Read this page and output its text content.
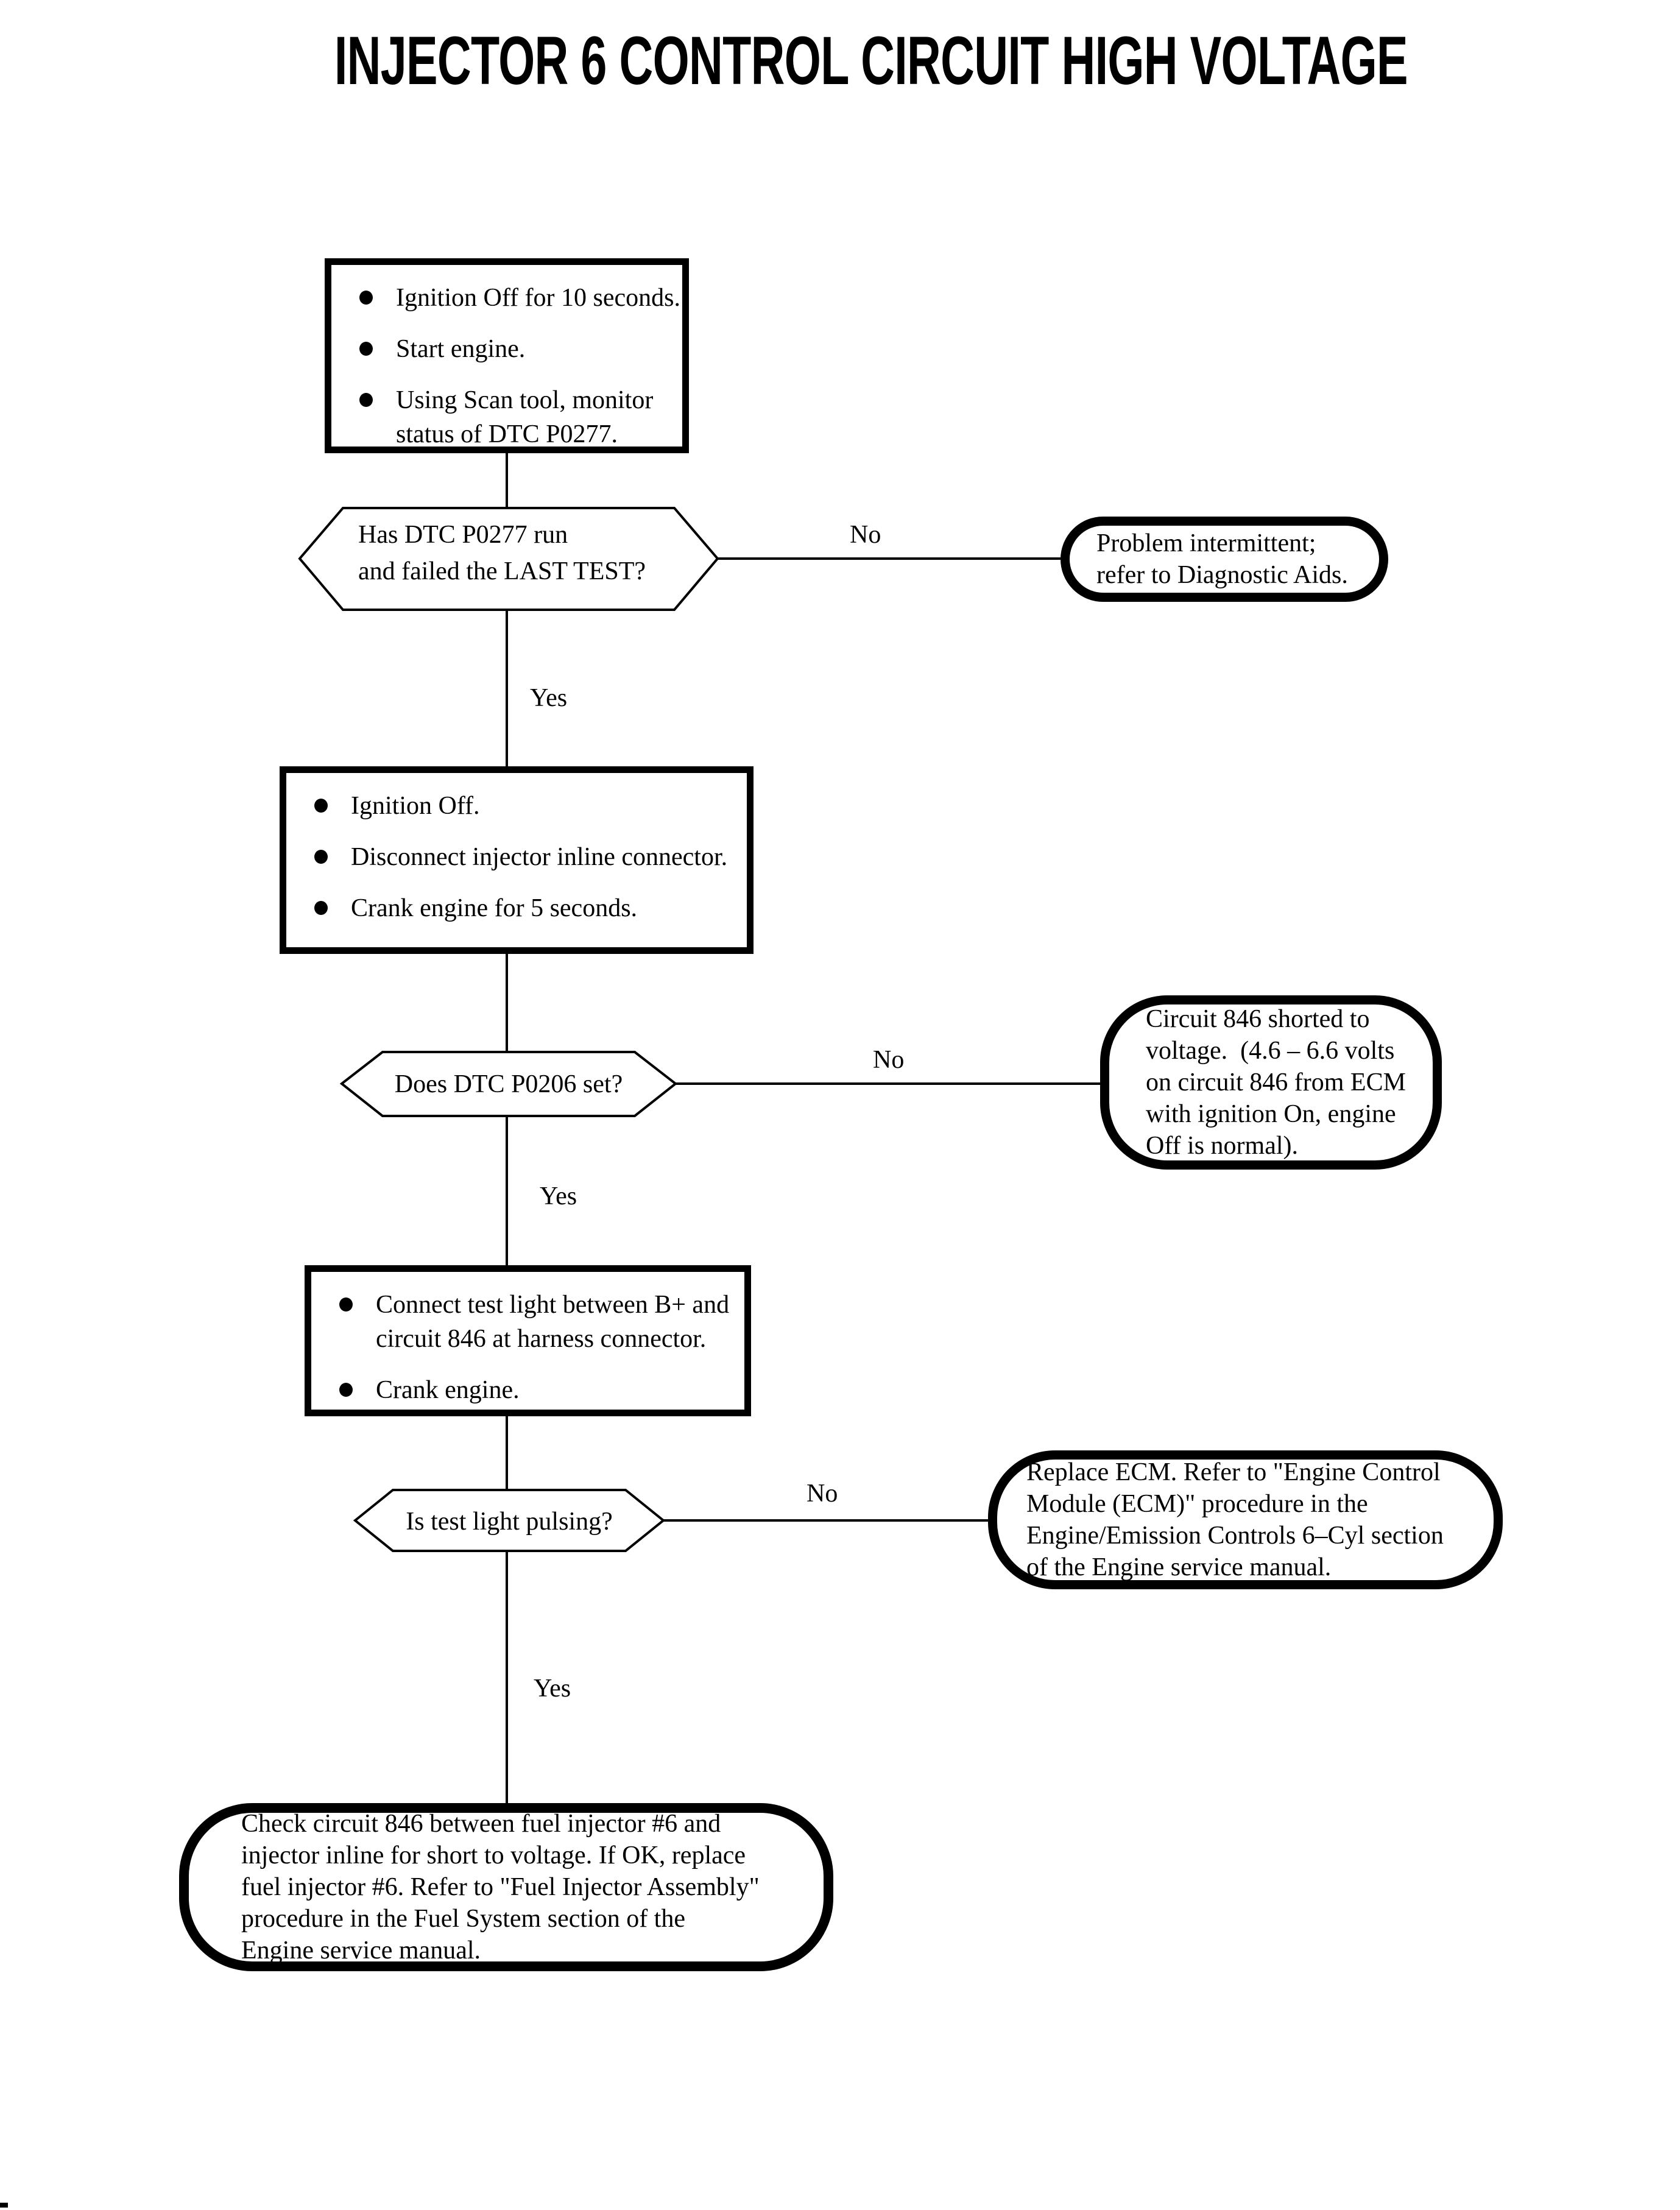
INJECTOR 6 CONTROL CIRCUIT HIGH VOLTAGE
Ignition Off for 10 seconds.
Start engine.
Using Scan tool, monitor
status of DTC P0277.
Has DTC P0277 run
and failed the LAST TEST?
No	Problem intermittent;
refer to Diagnostic Aids.
Yes
Ignition Off.
Disconnect injector inline connector.
Crank engine for 5 seconds.
Does DTC P0206 set?
No
Circuit 846 shorted to
voltage.  (4.6 – 6.6 volts
on circuit 846 from ECM
with ignition On, engine
Off is normal).
Yes
Connect test light between B+ and
circuit 846 at harness connector.
Crank engine.
Is test light pulsing?
No
Replace ECM. Refer to "Engine Control
Module (ECM)" procedure in the
Engine/Emission Controls 6–Cyl section
of the Engine service manual.
Yes
Check circuit 846 between fuel injector #6 and
injector inline for short to voltage. If OK, replace
fuel injector #6. Refer to "Fuel Injector Assembly"
procedure in the Fuel System section of the
Engine service manual.
